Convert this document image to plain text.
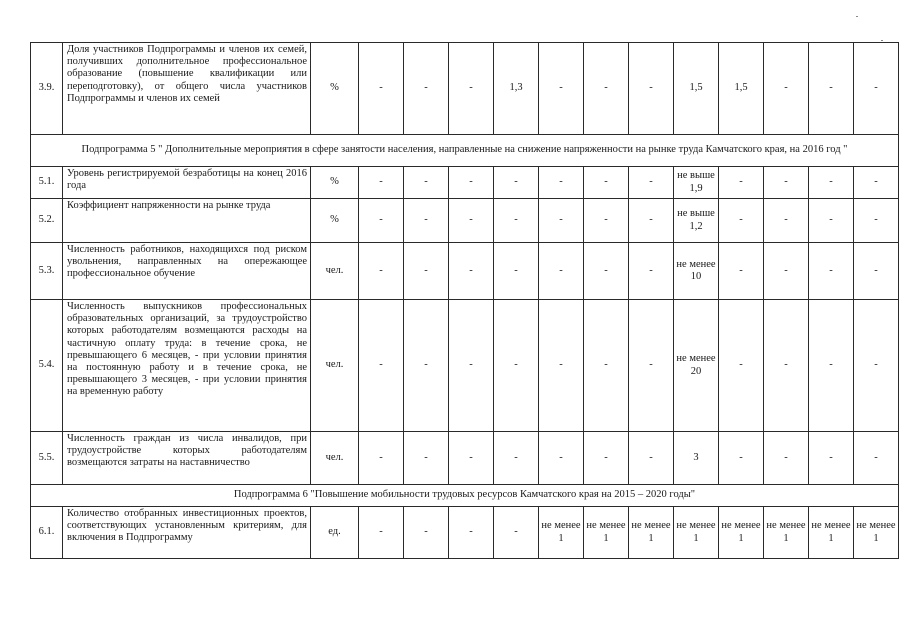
3.9.	Доля участников Подпрограммы и членов их семей, получивших дополнительное профессиональное образование (повышение квалификации или переподготовку), от общего числа участников Подпрограммы и членов их семей	%	-	-	-	1,3	-	-	-	1,5	1,5	-	-	-
Подпрограмма 5 " Дополнительные мероприятия в сфере занятости населения, направленные на снижение напряженности на рынке труда Камчатского края, на 2016 год "														
5.1.	Уровень регистрируемой безработицы на конец 2016 года	%	-	-	-	-	-	-	-	не выше 1,9	-	-	-	-
5.2.	Коэффициент напряженности на рынке труда	%	-	-	-	-	-	-	-	не выше 1,2	-	-	-	-
5.3.	Численность работников, находящихся под риском увольнения, направленных на опережающее профессиональное обучение	чел.	-	-	-	-	-	-	-	не менее 10	-	-	-	-
5.4.	Численность выпускников профессиональных образовательных организаций, за трудоустройство которых работодателям возмещаются расходы на частичную оплату труда: в течение срока, не превышающего 6 месяцев, - при условии принятия на постоянную работу и в течение срока, не превышающего 3 месяцев, - при условии принятия на временную работу	чел.	-	-	-	-	-	-	-	не менее 20	-	-	-	-
5.5.	Численность граждан из числа инвалидов, при трудоустройстве которых работодателям возмещаются затраты на наставничество	чел.	-	-	-	-	-	-	-	3	-	-	-	-
Подпрограмма 6 "Повышение мобильности трудовых ресурсов Камчатского края на 2015 – 2020 годы"														
6.1.	Количество отобранных инвестиционных проектов, соответствующих установленным критериям, для включения в Подпрограмму	ед.	-	-	-	-	не менее 1	не менее 1	не менее 1	не менее 1	не менее 1	не менее 1	не менее 1	не менее 1
